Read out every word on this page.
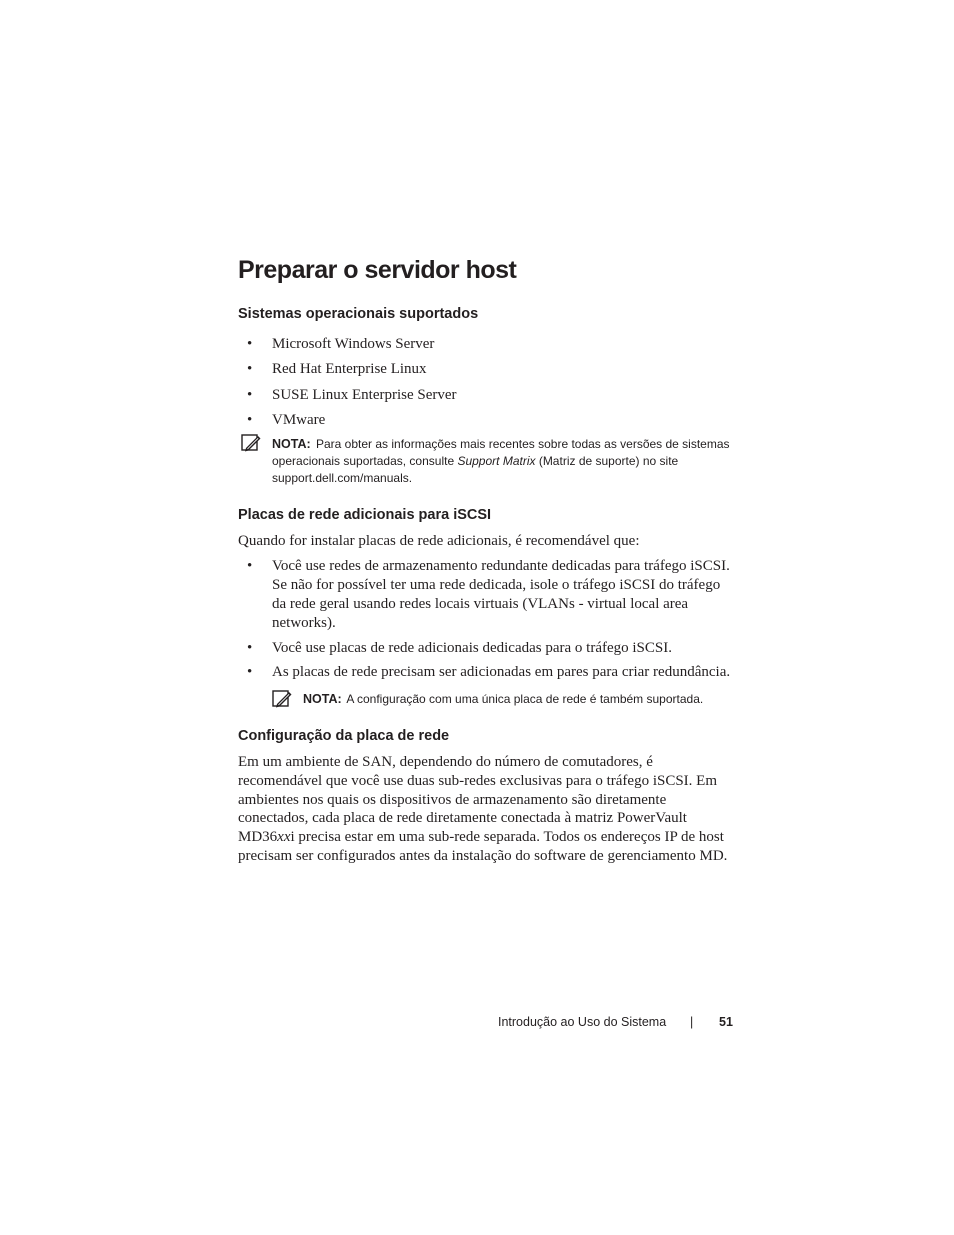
Preparar o servidor host
Sistemas operacionais suportados
• Microsoft Windows Server
• Red Hat Enterprise Linux
• SUSE Linux Enterprise Server
• VMware
NOTA: Para obter as informações mais recentes sobre todas as versões de sistemas operacionais suportadas, consulte Support Matrix (Matriz de suporte) no site support.dell.com/manuals.
Placas de rede adicionais para iSCSI

Quando for instalar placas de rede adicionais, é recomendável que:

• Você use redes de armazenamento redundante dedicadas para tráfego iSCSI. Se não for possível ter uma rede dedicada, isole o tráfego iSCSI do tráfego da rede geral usando redes locais virtuais (VLANs - virtual local area networks).
• Você use placas de rede adicionais dedicadas para o tráfego iSCSI.
• As placas de rede precisam ser adicionadas em pares para criar redundância.
NOTA: A configuração com uma única placa de rede é também suportada.
Configuração da placa de rede

Em um ambiente de SAN, dependendo do número de comutadores, é recomendável que você use duas sub-redes exclusivas para o tráfego iSCSI. Em ambientes nos quais os dispositivos de armazenamento são diretamente conectados, cada placa de rede diretamente conectada à matriz PowerVault MD36xxi precisa estar em uma sub-rede separada. Todos os endereços IP de host precisam ser configurados antes da instalação do software de gerenciamento MD.

Introdução ao Uso do Sistema | 51
